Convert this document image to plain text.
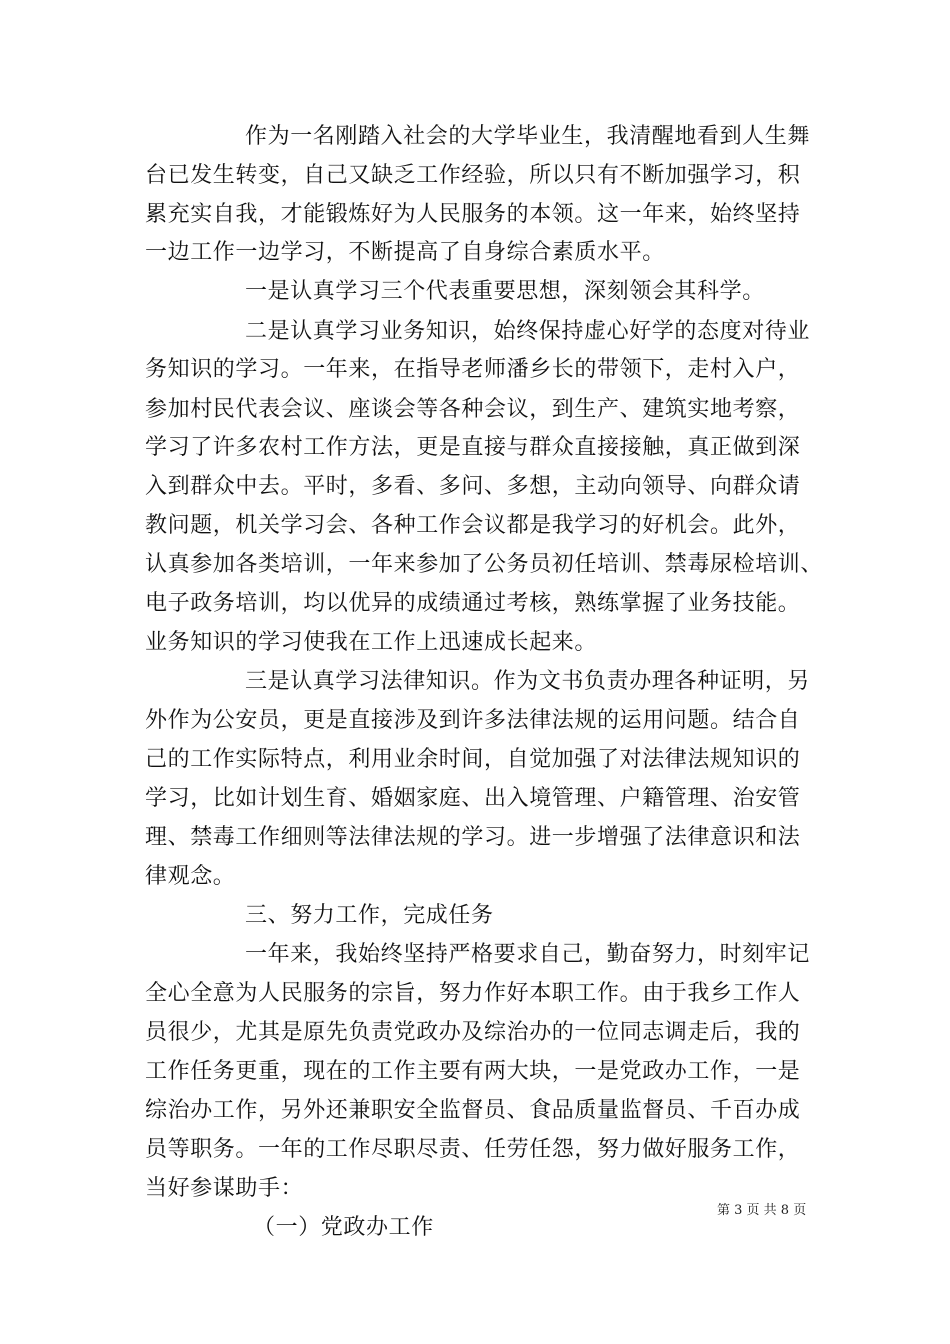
作为一名刚踏入社会的大学毕业生，我清醒地看到人生舞
台已发生转变，自己又缺乏工作经验，所以只有不断加强学习，积
累充实自我，才能锻炼好为人民服务的本领。这一年来，始终坚持
一边工作一边学习，不断提高了自身综合素质水平。
一是认真学习三个代表重要思想，深刻领会其科学。
二是认真学习业务知识，始终保持虚心好学的态度对待业
务知识的学习。一年来，在指导老师潘乡长的带领下，走村入户，
参加村民代表会议、座谈会等各种会议，到生产、建筑实地考察，
学习了许多农村工作方法，更是直接与群众直接接触，真正做到深
入到群众中去。平时，多看、多问、多想，主动向领导、向群众请
教问题，机关学习会、各种工作会议都是我学习的好机会。此外，
认真参加各类培训，一年来参加了公务员初任培训、禁毒尿检培训、
电子政务培训，均以优异的成绩通过考核，熟练掌握了业务技能。
业务知识的学习使我在工作上迅速成长起来。
三是认真学习法律知识。作为文书负责办理各种证明，另
外作为公安员，更是直接涉及到许多法律法规的运用问题。结合自
己的工作实际特点，利用业余时间，自觉加强了对法律法规知识的
学习，比如计划生育、婚姻家庭、出入境管理、户籍管理、治安管
理、禁毒工作细则等法律法规的学习。进一步增强了法律意识和法
律观念。
三、努力工作，完成任务
一年来，我始终坚持严格要求自己，勤奋努力，时刻牢记
全心全意为人民服务的宗旨，努力作好本职工作。由于我乡工作人
员很少，尤其是原先负责党政办及综治办的一位同志调走后，我的
工作任务更重，现在的工作主要有两大块，一是党政办工作，一是
综治办工作，另外还兼职安全监督员、食品质量监督员、千百办成
员等职务。一年的工作尽职尽责、任劳任怨，努力做好服务工作，
当好参谋助手：
（一）党政办工作
第 3 页 共 8 页
